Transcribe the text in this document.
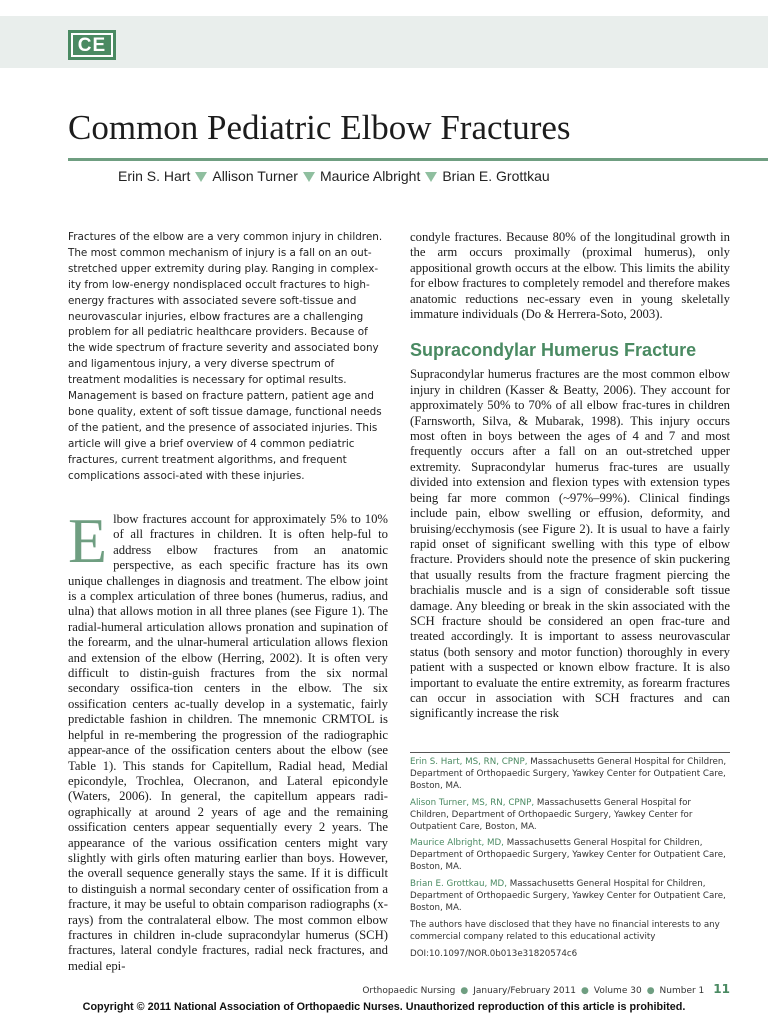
CE
Common Pediatric Elbow Fractures
Erin S. Hart Allison Turner Maurice Albright Brian E. Grottkau

Fractures of the elbow are a very common injury in children. The most common mechanism of injury is a fall on an out-stretched upper extremity during play. Ranging in complex-ity from low-energy nondisplaced occult fractures to high-energy fractures with associated severe soft-tissue and neurovascular injuries, elbow fractures are a challenging problem for all pediatric healthcare providers. Because of the wide spectrum of fracture severity and associated bony and ligamentous injury, a very diverse spectrum of treatment modalities is necessary for optimal results. Management is based on fracture pattern, patient age and bone quality, extent of soft tissue damage, functional needs of the patient, and the presence of associated injuries. This article will give a brief overview of 4 common pediatric fractures, current treatment algorithms, and frequent complications associ-ated with these injuries.

Elbow fractures account for approximately 5% to 10% of all fractures in children. It is often help-ful to address elbow fractures from an anatomic perspective, as each specific fracture has its own unique challenges in diagnosis and treatment. The elbow joint is a complex articulation of three bones (humerus, radius, and ulna) that allows motion in all three planes (see Figure 1). The radial-humeral articulation allows pronation and supination of the forearm, and the ulnar-humeral articulation allows flexion and extension of the elbow (Herring, 2002). It is often very difficult to distin-guish fractures from the six normal secondary ossifica-tion centers in the elbow. The six ossification centers ac-tually develop in a systematic, fairly predictable fashion in children. The mnemonic CRMTOL is helpful in re-membering the progression of the radiographic appear-ance of the ossification centers about the elbow (see Table 1). This stands for Capitellum, Radial head, Medial epicondyle, Trochlea, Olecranon, and Lateral epicondyle (Waters, 2006). In general, the capitellum appears radi-ographically at around 2 years of age and the remaining ossification centers appear sequentially every 2 years. The appearance of the various ossification centers might vary slightly with girls often maturing earlier than boys. However, the overall sequence generally stays the same. If it is difficult to distinguish a normal secondary center of ossification from a fracture, it may be useful to obtain comparison radiographs (x-rays) from the contralateral elbow. The most common elbow fractures in children in-clude supracondylar humerus (SCH) fractures, lateral condyle fractures, radial neck fractures, and medial epi-

condyle fractures. Because 80% of the longitudinal growth in the arm occurs proximally (proximal humerus), only appositional growth occurs at the elbow. This limits the ability for elbow fractures to completely remodel and therefore makes anatomic reductions nec-essary even in young skeletally immature individuals (Do & Herrera-Soto, 2003).

Supracondylar Humerus Fracture

Supracondylar humerus fractures are the most common elbow injury in children (Kasser & Beatty, 2006). They account for approximately 50% to 70% of all elbow frac-tures in children (Farnsworth, Silva, & Mubarak, 1998). This injury occurs most often in boys between the ages of 4 and 7 and most frequently occurs after a fall on an out-stretched upper extremity. Supracondylar humerus frac-tures are usually divided into extension and flexion types with extension types being far more common (~97%–99%). Clinical findings include pain, elbow swelling or effusion, deformity, and bruising/ecchymosis (see Figure 2). It is usual to have a fairly rapid onset of significant swelling with this type of elbow fracture. Providers should note the presence of skin puckering that usually results from the fracture fragment piercing the brachialis muscle and is a sign of considerable soft tissue damage. Any bleeding or break in the skin associated with the SCH fracture should be considered an open frac-ture and treated accordingly. It is important to assess neurovascular status (both sensory and motor function) thoroughly in every patient with a suspected or known elbow fracture. It is also important to evaluate the entire extremity, as forearm fractures can occur in association with SCH fractures and can significantly increase the risk

Erin S. Hart, MS, RN, CPNP, Massachusetts General Hospital for Children, Department of Orthopaedic Surgery, Yawkey Center for Outpatient Care, Boston, MA.

Alison Turner, MS, RN, CPNP, Massachusetts General Hospital for Children, Department of Orthopaedic Surgery, Yawkey Center for Outpatient Care, Boston, MA.

Maurice Albright, MD, Massachusetts General Hospital for Children, Department of Orthopaedic Surgery, Yawkey Center for Outpatient Care, Boston, MA.

Brian E. Grottkau, MD, Massachusetts General Hospital for Children, Department of Orthopaedic Surgery, Yawkey Center for Outpatient Care, Boston, MA.

The authors have disclosed that they have no financial interests to any commercial company related to this educational activity

DOI:10.1097/NOR.0b013e31820574c6

Orthopaedic Nursing ● January/February 2011 ● Volume 30 ● Number 1 11
Copyright © 2011 National Association of Orthopaedic Nurses. Unauthorized reproduction of this article is prohibited.
